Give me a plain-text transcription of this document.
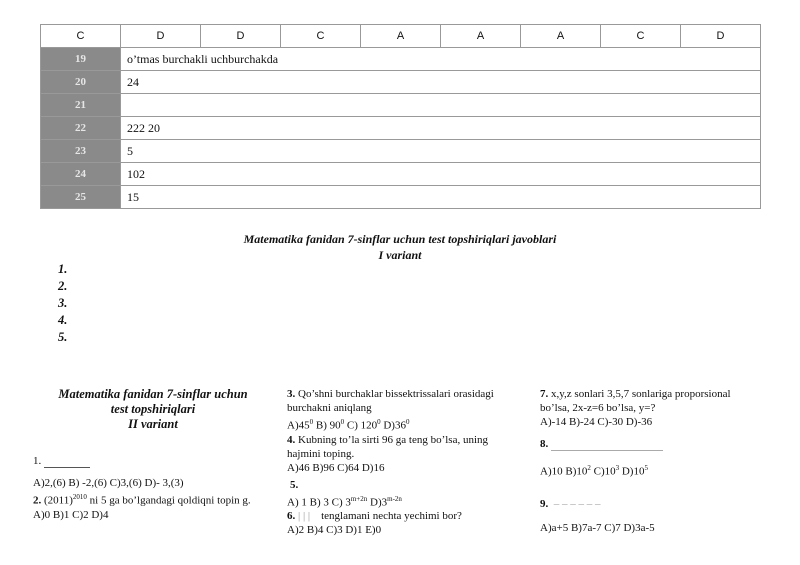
C	D	D	C	A	A	A	C	D
19	o’tmas burchakli uchburchakda							
20	24							
21								
22	222 20							
23	5							
24	102							
25	15							
Matematika fanidan 7-sinflar uchun test topshiriqlari javoblari
I variant
1.
2.
3.
4.
5.
Matematika fanidan 7-sinflar uchun
test topshiriqlari
II variant

1.

A)2,(6) B) -2,(6) C)3,(6) D)- 3,(3)

2. $(2011)^{2010}$ ni 5 ga bo’lgandagi qoldiqni topin g.

A)0 B)1 C)2 D)4

3. Qo’shni burchaklar bissektrissalari orasidagi burchakni aniqlang

$A)45^0$ B) $90^0$ C) $120^0$ $D)36^0$

4. Kubning to’la sirti 96 ga teng bo’lsa, uning hajmini toping.

A)46 B)96 C)64 D)16

5.

A) 1 B) 3 C) $3^{m+2n}$ $D)3^{m-2n}$

6. | | | tenglamani nechta yechimi bor?

A)2 B)4 C)3 D)1 E)0

7. x,y,z sonlari 3,5,7 sonlariga proporsional bo’lsa, 2x-z=6 bo’lsa, y=?

A)-14 B)-24 C)-30 D)-36

8.

A)10 $B)10^2$ $C)10^3$ $D)10^5$

9. – – – – – –

A)a+5 B)7a-7 C)7 D)3a-5
